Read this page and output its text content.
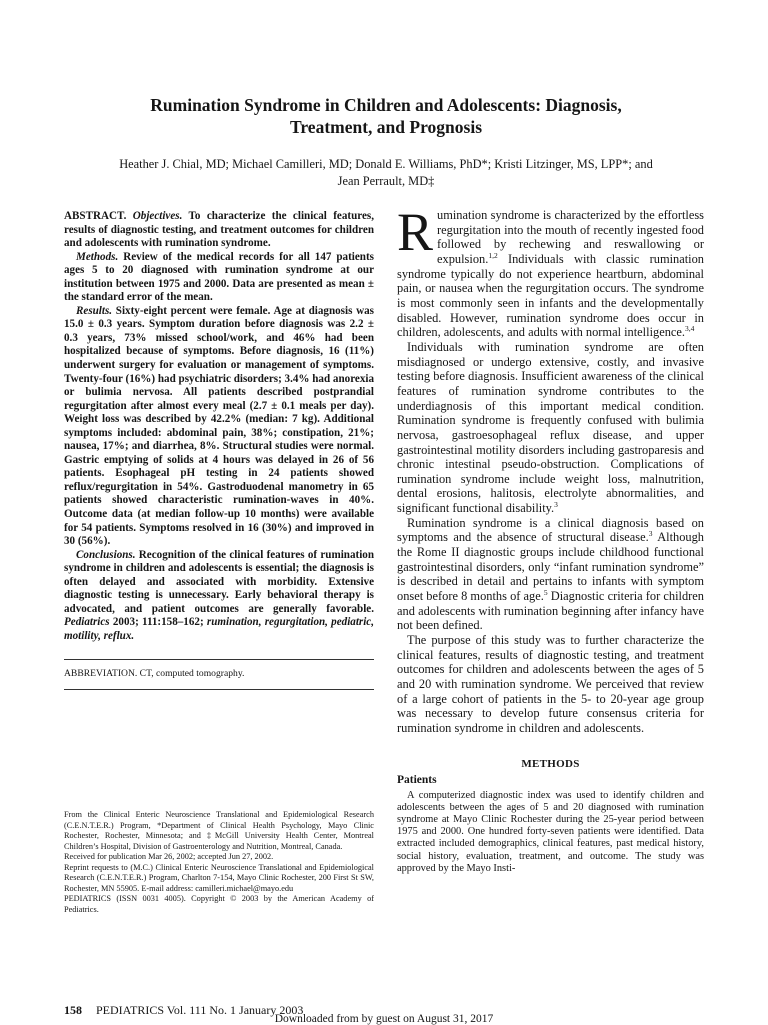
Rumination Syndrome in Children and Adolescents: Diagnosis,
Treatment, and Prognosis
Heather J. Chial, MD; Michael Camilleri, MD; Donald E. Williams, PhD*; Kristi Litzinger, MS, LPP*; and
Jean Perrault, MD‡

ABSTRACT. Objectives. To characterize the clinical features, results of diagnostic testing, and treatment outcomes for children and adolescents with rumination syndrome.

Methods. Review of the medical records for all 147 patients ages 5 to 20 diagnosed with rumination syndrome at our institution between 1975 and 2000. Data are presented as mean ± the standard error of the mean.

Results. Sixty-eight percent were female. Age at diagnosis was 15.0 ± 0.3 years. Symptom duration before diagnosis was 2.2 ± 0.3 years, 73% missed school/work, and 46% had been hospitalized because of symptoms. Before diagnosis, 16 (11%) underwent surgery for evaluation or management of symptoms. Twenty-four (16%) had psychiatric disorders; 3.4% had anorexia or bulimia nervosa. All patients described postprandial regurgitation after almost every meal (2.7 ± 0.1 meals per day). Weight loss was described by 42.2% (median: 7 kg). Additional symptoms included: abdominal pain, 38%; constipation, 21%; nausea, 17%; and diarrhea, 8%. Structural studies were normal. Gastric emptying of solids at 4 hours was delayed in 26 of 56 patients. Esophageal pH testing in 24 patients showed reflux/regurgitation in 54%. Gastroduodenal manometry in 65 patients showed characteristic rumination-waves in 40%. Outcome data (at median follow-up 10 months) were available for 54 patients. Symptoms resolved in 16 (30%) and improved in 30 (56%).

Conclusions. Recognition of the clinical features of rumination syndrome in children and adolescents is essential; the diagnosis is often delayed and associated with morbidity. Extensive diagnostic testing is unnecessary. Early behavioral therapy is advocated, and patient outcomes are generally favorable. Pediatrics 2003; 111:158–162; rumination, regurgitation, pediatric, motility, reflux.

ABBREVIATION. CT, computed tomography.

From the Clinical Enteric Neuroscience Translational and Epidemiological Research (C.E.N.T.E.R.) Program, *Department of Clinical Health Psychology, Mayo Clinic Rochester, Rochester, Minnesota; and ‡McGill University Health Center, Montreal Children’s Hospital, Division of Gastroenterology and Nutrition, Montreal, Canada.

Received for publication Mar 26, 2002; accepted Jun 27, 2002.

Reprint requests to (M.C.) Clinical Enteric Neuroscience Translational and Epidemiological Research (C.E.N.T.E.R.) Program, Charlton 7-154, Mayo Clinic Rochester, 200 First St SW, Rochester, MN 55905. E-mail address: camilleri.michael@mayo.edu

PEDIATRICS (ISSN 0031 4005). Copyright © 2003 by the American Academy of Pediatrics.

Rumination syndrome is characterized by the effortless regurgitation into the mouth of recently ingested food followed by rechewing and reswallowing or expulsion.$^{1,2}$ Individuals with classic rumination syndrome typically do not experience heartburn, abdominal pain, or nausea when the regurgitation occurs. The syndrome is most commonly seen in infants and the developmentally disabled. However, rumination syndrome does occur in children, adolescents, and adults with normal intelligence.$^{3,4}$

Individuals with rumination syndrome are often misdiagnosed or undergo extensive, costly, and invasive testing before diagnosis. Insufficient awareness of the clinical features of rumination syndrome contributes to the underdiagnosis of this important medical condition. Rumination syndrome is frequently confused with bulimia nervosa, gastroesophageal reflux disease, and upper gastrointestinal motility disorders including gastroparesis and chronic intestinal pseudo-obstruction. Complications of rumination syndrome include weight loss, malnutrition, dental erosions, halitosis, electrolyte abnormalities, and significant functional disability.$^3$

Rumination syndrome is a clinical diagnosis based on symptoms and the absence of structural disease.$^3$ Although the Rome II diagnostic groups include childhood functional gastrointestinal disorders, only “infant rumination syndrome” is described in detail and pertains to infants with symptom onset before 8 months of age.$^5$ Diagnostic criteria for children and adolescents with rumination beginning after infancy have not been defined.

The purpose of this study was to further characterize the clinical features, results of diagnostic testing, and treatment outcomes for children and adolescents between the ages of 5 and 20 with rumination syndrome. We perceived that review of a large cohort of patients in the 5- to 20-year age group was necessary to develop future consensus criteria for rumination syndrome in children and adolescents.

METHODS
Patients

A computerized diagnostic index was used to identify children and adolescents between the ages of 5 and 20 diagnosed with rumination syndrome at Mayo Clinic Rochester during the 25-year period between 1975 and 2000. One hundred forty-seven patients were identified. Data extracted included demographics, clinical features, past medical history, social history, evaluation, treatment, and outcome. The study was approved by the Mayo Insti-

158 PEDIATRICS Vol. 111 No. 1 January 2003
Downloaded from by guest on August 31, 2017
